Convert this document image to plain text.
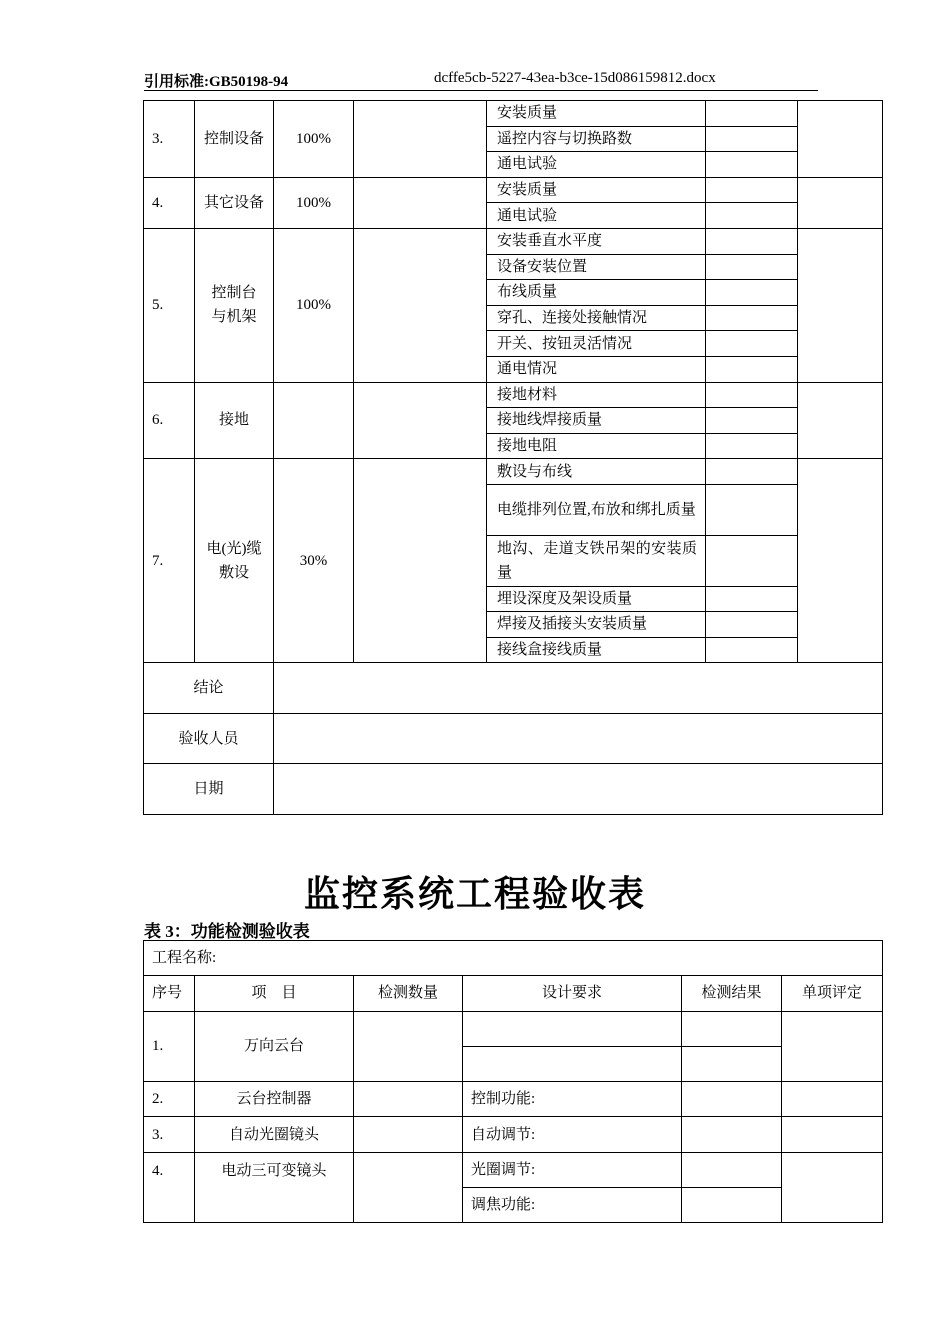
引用标准:GB50198-94	dcffe5cb-5227-43ea-b3ce-15d086159812.docx
3.	控制设备	100%		安装质量		
				遥控内容与切换路数		
				通电试验		
4.	其它设备	100%		安装质量		
				通电试验		
5.	控制台与机架	100%		安装垂直水平度		
				设备安装位置		
				布线质量		
				穿孔、连接处接触情况		
				开关、按钮灵活情况		
				通电情况		
6.	接地			接地材料		
				接地线焊接质量		
				接地电阻		
7.	电(光)缆敷设	30%		敷设与布线		
				电缆排列位置,布放和绑扎质量		
				地沟、走道支铁吊架的安装质量		
				埋设深度及架设质量		
				焊接及插接头安装质量		
				接线盒接线质量		
结论						
验收人员						
日期						
监控系统工程验收表
表 3：功能检测验收表
工程名称:					
序号	项    目	检测数量	设计要求	检测结果	单项评定
1.	万向云台				

2.	云台控制器		控制功能:		
3.	自动光圈镜头		自动调节:		
4.	电动三可变镜头		光圈调节:		
			调焦功能:		
